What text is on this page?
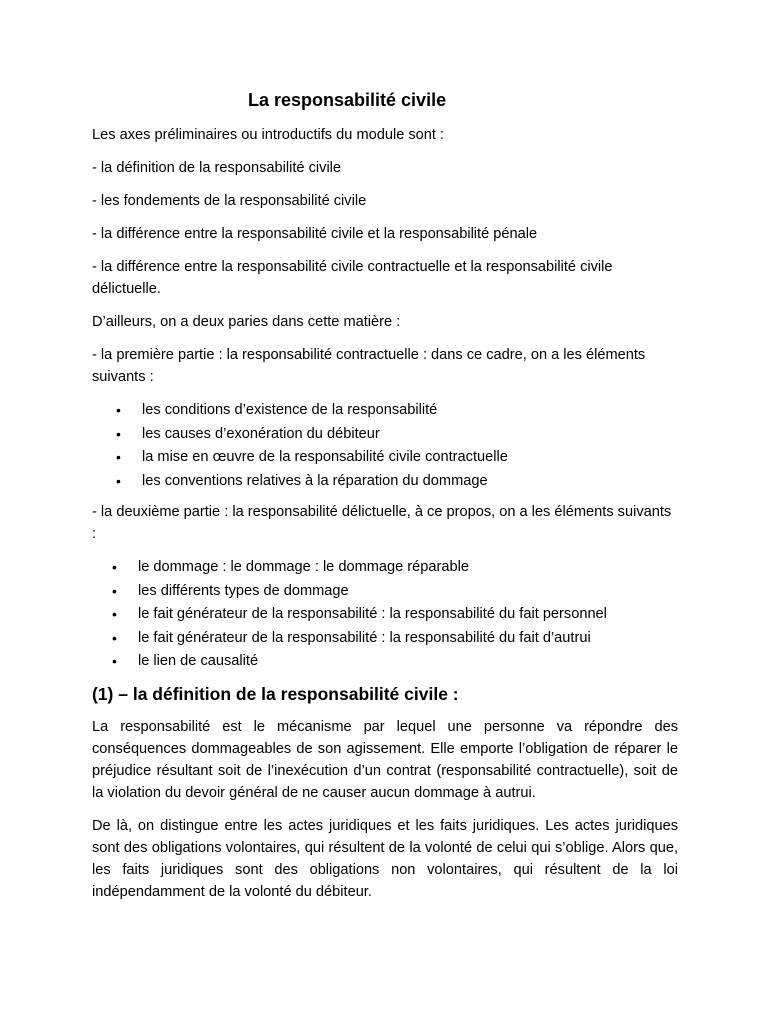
La responsabilité civile

Les axes préliminaires ou introductifs du module sont :

- la définition de la responsabilité civile

- les fondements de la responsabilité civile

- la différence entre la responsabilité civile et la responsabilité pénale

- la différence entre la responsabilité civile contractuelle et la responsabilité civile délictuelle.

D’ailleurs, on a deux paries dans cette matière :

- la première partie : la responsabilité contractuelle : dans ce cadre, on a les éléments suivants :

• les conditions d’existence de la responsabilité
• les causes d’exonération du débiteur
• la mise en œuvre de la responsabilité civile contractuelle
• les conventions relatives à la réparation du dommage

- la deuxième partie : la responsabilité délictuelle, à ce propos, on a les éléments suivants :

• le dommage : le dommage : le dommage réparable
• les différents types de dommage
• le fait générateur de la responsabilité : la responsabilité du fait personnel
• le fait générateur de la responsabilité : la responsabilité du fait d’autrui
• le lien de causalité
(1) – la définition de la responsabilité civile :

La responsabilité est le mécanisme par lequel une personne va répondre des conséquences dommageables de son agissement. Elle emporte l’obligation de réparer le préjudice résultant soit de l’inexécution d’un contrat (responsabilité contractuelle), soit de la violation du devoir général de ne causer aucun dommage à autrui.

De là, on distingue entre les actes juridiques et les faits juridiques. Les actes juridiques sont des obligations volontaires, qui résultent de la volonté de celui qui s’oblige. Alors que, les faits juridiques sont des obligations non volontaires, qui résultent de la loi indépendamment de la volonté du débiteur.
